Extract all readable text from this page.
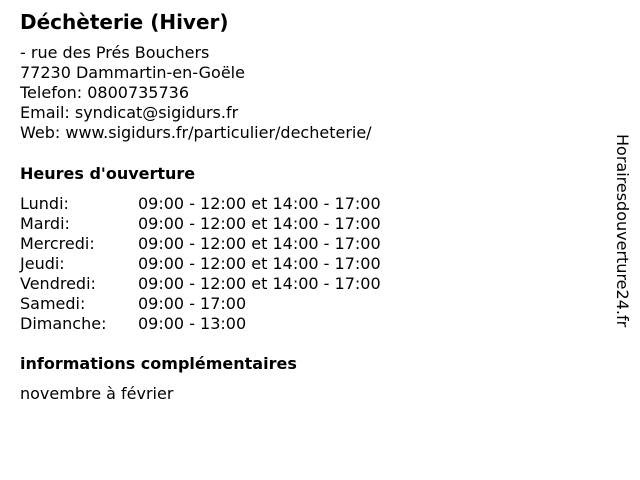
Déchèterie (Hiver)
- rue des Prés Bouchers
77230 Dammartin-en-Goële
Telefon: 0800735736
Email: syndicat@sigidurs.fr
Web: www.sigidurs.fr/particulier/decheterie/
Heures d'ouverture
Lundi:	09:00 - 12:00 et 14:00 - 17:00
Mardi:	09:00 - 12:00 et 14:00 - 17:00
Mercredi:	09:00 - 12:00 et 14:00 - 17:00
Jeudi:	09:00 - 12:00 et 14:00 - 17:00
Vendredi:	09:00 - 12:00 et 14:00 - 17:00
Samedi:	09:00 - 17:00
Dimanche: 09:00 - 13:00
informations complémentaires
novembre à février
Horairesdouverture24.fr
